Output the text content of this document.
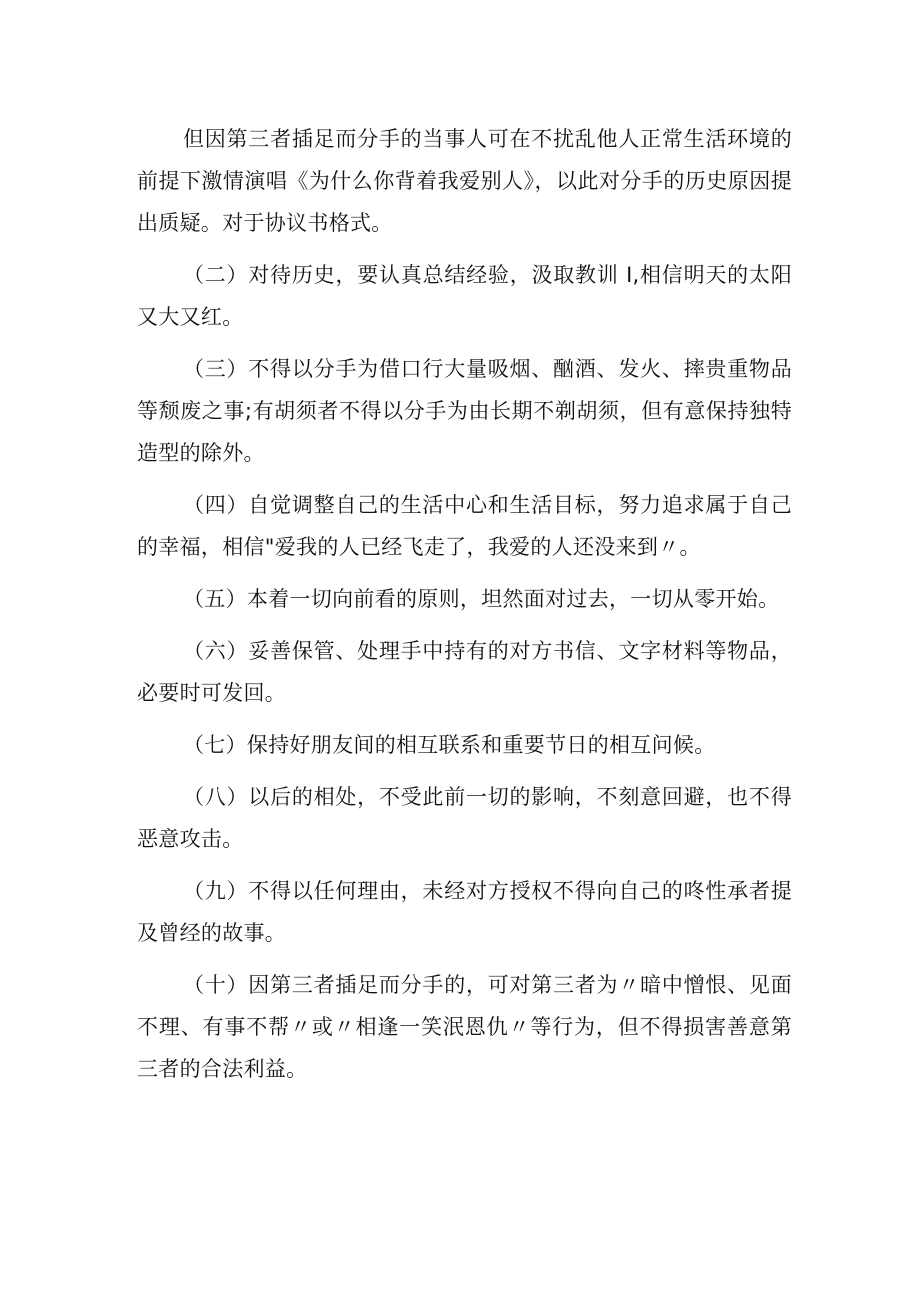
但因第三者插足而分手的当事人可在不扰乱他人正常生活环境的前提下激情演唱《为什么你背着我爱别人》，以此对分手的历史原因提出质疑。对于协议书格式。

（二）对待历史，要认真总结经验，汲取教训 I,相信明天的太阳又大又红。

（三）不得以分手为借口行大量吸烟、酗酒、发火、摔贵重物品等颓废之事;有胡须者不得以分手为由长期不剃胡须，但有意保持独特造型的除外。

（四）自觉调整自己的生活中心和生活目标，努力追求属于自己的幸福，相信"爱我的人已经飞走了，我爱的人还没来到〃。

（五）本着一切向前看的原则，坦然面对过去，一切从零开始。

（六）妥善保管、处理手中持有的对方书信、文字材料等物品，必要时可发回。

（七）保持好朋友间的相互联系和重要节日的相互问候。

（八）以后的相处，不受此前一切的影响，不刻意回避，也不得恶意攻击。

（九）不得以任何理由，未经对方授权不得向自己的咚性承者提及曾经的故事。

（十）因第三者插足而分手的，可对第三者为〃暗中憎恨、见面不理、有事不帮〃或〃相逢一笑泯恩仇〃等行为，但不得损害善意第三者的合法利益。
